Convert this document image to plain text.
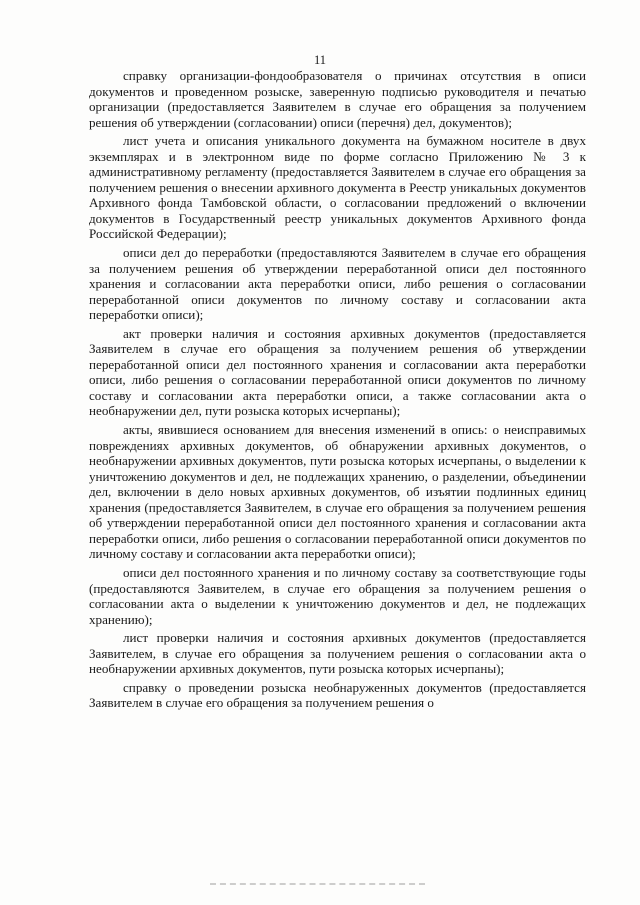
11

справку организации-фондообразователя о причинах отсутствия в описи документов и проведенном розыске, заверенную подписью руководителя и печатью организации (предоставляется Заявителем в случае его обращения за получением решения об утверждении (согласовании) описи (перечня) дел, документов);

лист учета и описания уникального документа на бумажном носителе в двух экземплярах и в электронном виде по форме согласно Приложению № 3 к административному регламенту (предоставляется Заявителем в случае его обращения за получением решения о внесении архивного документа в Реестр уникальных документов Архивного фонда Тамбовской области, о согласовании предложений о включении документов в Государственный реестр уникальных документов Архивного фонда Российской Федерации);

описи дел до переработки (предоставляются Заявителем в случае его обращения за получением решения об утверждении переработанной описи дел постоянного хранения и согласовании акта переработки описи, либо решения о согласовании переработанной описи документов по личному составу и согласовании акта переработки описи);

акт проверки наличия и состояния архивных документов (предоставляется Заявителем в случае его обращения за получением решения об утверждении переработанной описи дел постоянного хранения и согласовании акта переработки описи, либо решения о согласовании переработанной описи документов по личному составу и согласовании акта переработки описи, а также согласовании акта о необнаружении дел, пути розыска которых исчерпаны);

акты, явившиеся основанием для внесения изменений в опись: о неисправимых повреждениях архивных документов, об обнаружении архивных документов, о необнаружении архивных документов, пути розыска которых исчерпаны, о выделении к уничтожению документов и дел, не подлежащих хранению, о разделении, объединении дел, включении в дело новых архивных документов, об изъятии подлинных единиц хранения (предоставляется Заявителем, в случае его обращения за получением решения об утверждении переработанной описи дел постоянного хранения и согласовании акта переработки описи, либо решения о согласовании переработанной описи документов по личному составу и согласовании акта переработки описи);

описи дел постоянного хранения и по личному составу за соответствующие годы (предоставляются Заявителем, в случае его обращения за получением решения о согласовании акта о выделении к уничтожению документов и дел, не подлежащих хранению);

лист проверки наличия и состояния архивных документов (предоставляется Заявителем, в случае его обращения за получением решения о согласовании акта о необнаружении архивных документов, пути розыска которых исчерпаны);

справку о проведении розыска необнаруженных документов (предоставляется Заявителем в случае его обращения за получением решения о
